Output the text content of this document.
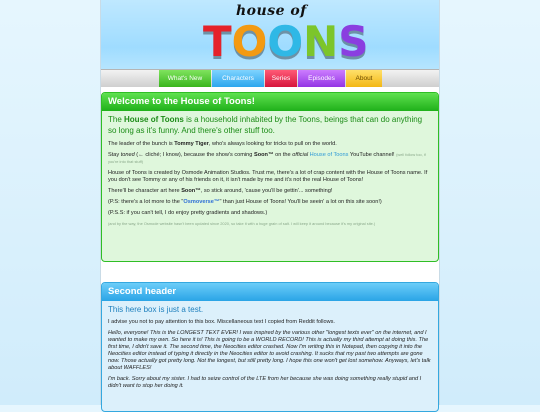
house of
TOONS
What's New	Characters	Series	Episodes	About
Welcome to the House of Toons!

The House of Toons is a household inhabited by the Toons, beings that can do anything so long as it's funny. And there's other stuff too.

The leader of the bunch is Tommy Tiger, who's always looking for tricks to pull on the world.

Stay toned (← cliché; I know), because the show's coming Soon™ on the official House of Toons YouTube channel! (well follow too, if you're into that stuff)

House of Toons is created by Osmode Animation Studios. Trust me, there's a lot of crap content with the House of Toons name. If you don't see Tommy or any of his friends on it, it isn't made by me and it's not the real House of Toons!

There'll be character art here Soon™, so stick around, 'cause you'll be gettin'... something!

(P.S: there's a lot more to the "Osmoverse™" than just House of Toons! You'll be seein' a lot on this site soon!)

(P.S.S: if you can't tell, I do enjoy pretty gradients and shadows.)

(and by the way, the Osmode website hasn't been updated since 2020, so take it with a huge grain of salt. I will keep it around because it's my original site.)

Second header

This here box is just a test.

I advise you not to pay attention to this box. Miscellaneous text I copied from Reddit follows.

Hello, everyone! This is the LONGEST TEXT EVER! I was inspired by the various other "longest texts ever" on the internet, and I wanted to make my own. So here it is! This is going to be a WORLD RECORD! This is actually my third attempt at doing this. The first time, I didn't save it. The second time, the Neocities editor crashed. Now I'm writing this in Notepad, then copying it into the Neocities editor instead of typing it directly in the Neocities editor to avoid crashing. It sucks that my past two attempts are gone now. Those actually got pretty long. Not the longest, but still pretty long. I hope this one won't get lost somehow. Anyways, let's talk about WAFFLES!

I'm back. Sorry about my sister. I had to seize control of the LTE from her because she was doing something really stupid and I didn't want to stop her doing it.
